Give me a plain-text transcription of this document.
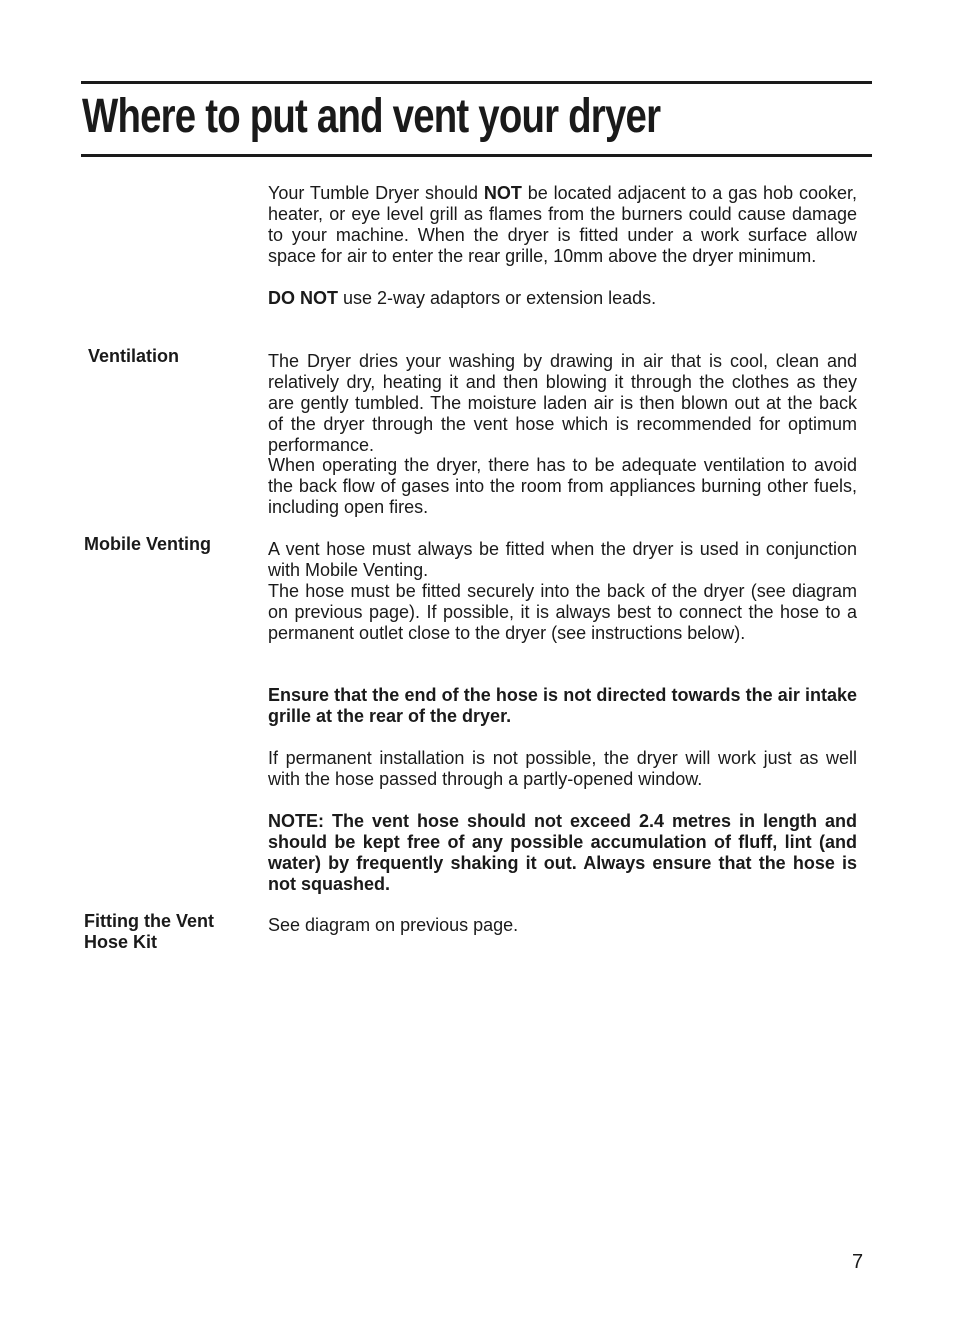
Where to put and vent your dryer

Your Tumble Dryer should NOT be located adjacent to a gas hob cooker, heater, or eye level grill as flames from the burners could cause damage to your machine. When the dryer is fitted under a work surface allow space for air to enter the rear grille, 10mm above the dryer minimum.

DO NOT use 2-way adaptors or extension leads.

Ventilation	The Dryer dries your washing by drawing in air that is cool, clean and relatively dry, heating it and then blowing it through the clothes as they are gently tumbled. The moisture laden air is then blown out at the back of the dryer through the vent hose which is recommended for optimum performance.

When operating the dryer, there has to be adequate ventilation to avoid the back flow of gases into the room from appliances burning other fuels, including open fires.

Mobile Venting	A vent hose must always be fitted when the dryer is used in conjunction with Mobile Venting.

The hose must be fitted securely into the back of the dryer (see diagram on previous page). If possible, it is always best to connect the hose to a permanent outlet close to the dryer (see instructions below).

Ensure that the end of the hose is not directed towards the air intake grille at the rear of the dryer.

If permanent installation is not possible, the dryer will work just as well with the hose passed through a partly-opened window.

NOTE: The vent hose should not exceed 2.4 metres in length and should be kept free of any possible accumulation of fluff, lint (and water) by frequently shaking it out. Always ensure that the hose is not squashed.

Fitting the Vent
Hose Kit

See diagram on previous page.

7
